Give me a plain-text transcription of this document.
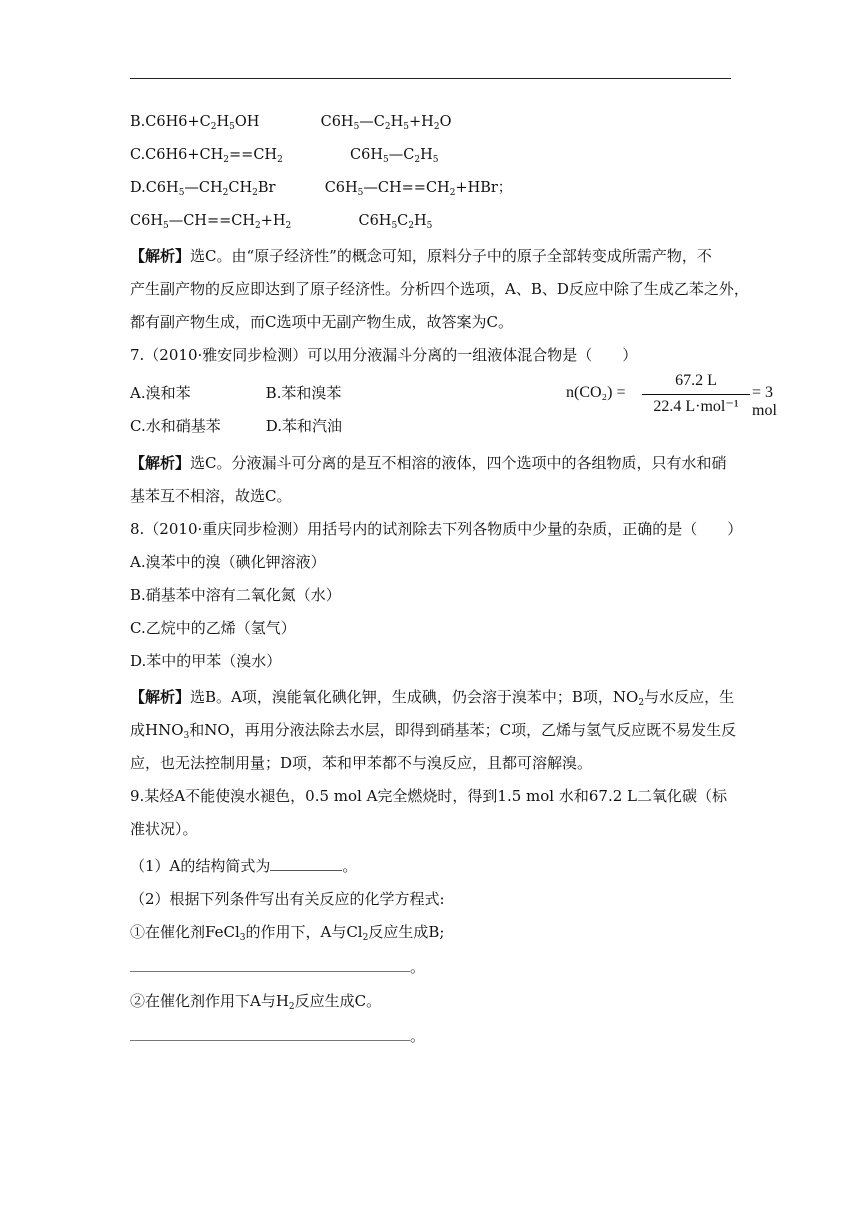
$B.C6H6+C_2H_5OH$	$C6H_5—C_2H_5+H_2O$
$C.C6H6+CH_2==CH_2$	$C6H_5—C_2H_5$
$D.C6H_5—CH_2CH_2Br$	$C6H_5—CH==CH_2+HBr$；
$C6H_5—CH==CH_2+H_2$	$C6H_5C_2H_5$
【解析】选C。由“原子经济性”的概念可知，原料分子中的原子全部转变成所需产物，不
产生副产物的反应即达到了原子经济性。分析四个选项，A、B、D反应中除了生成乙苯之外，
都有副产物生成，而C选项中无副产物生成，故答案为C。
7.（2010·雅安同步检测）可以用分液漏斗分离的一组液体混合物是（　　）
A.溴和苯	B.苯和溴苯
C.水和硝基苯	D.苯和汽油
n(CO₂) =
67.2 L
22.4 L·mol⁻¹
= 3 mol
【解析】选C。分液漏斗可分离的是互不相溶的液体，四个选项中的各组物质，只有水和硝
基苯互不相溶，故选C。
8.（2010·重庆同步检测）用括号内的试剂除去下列各物质中少量的杂质，正确的是（　　）
A.溴苯中的溴（碘化钾溶液）
B.硝基苯中溶有二氧化氮（水）
C.乙烷中的乙烯（氢气）
D.苯中的甲苯（溴水）
【解析】选B。A项，溴能氧化碘化钾，生成碘，仍会溶于溴苯中；B项，$NO_2$与水反应，生
成$HNO_3$和NO，再用分液法除去水层，即得到硝基苯；C项，乙烯与氢气反应既不易发生反
应，也无法控制用量；D项，苯和甲苯都不与溴反应，且都可溶解溴。
9.某烃A不能使溴水褪色，0.5 mol A完全燃烧时，得到1.5 mol 水和67.2 L二氧化碳（标
准状况）。
（1）A的结构简式为	。
（2）根据下列条件写出有关反应的化学方程式:
①在催化剂FeCl$_3$的作用下，A与$Cl_2$反应生成B;
。
②在催化剂作用下A与$H_2$反应生成C。
。
